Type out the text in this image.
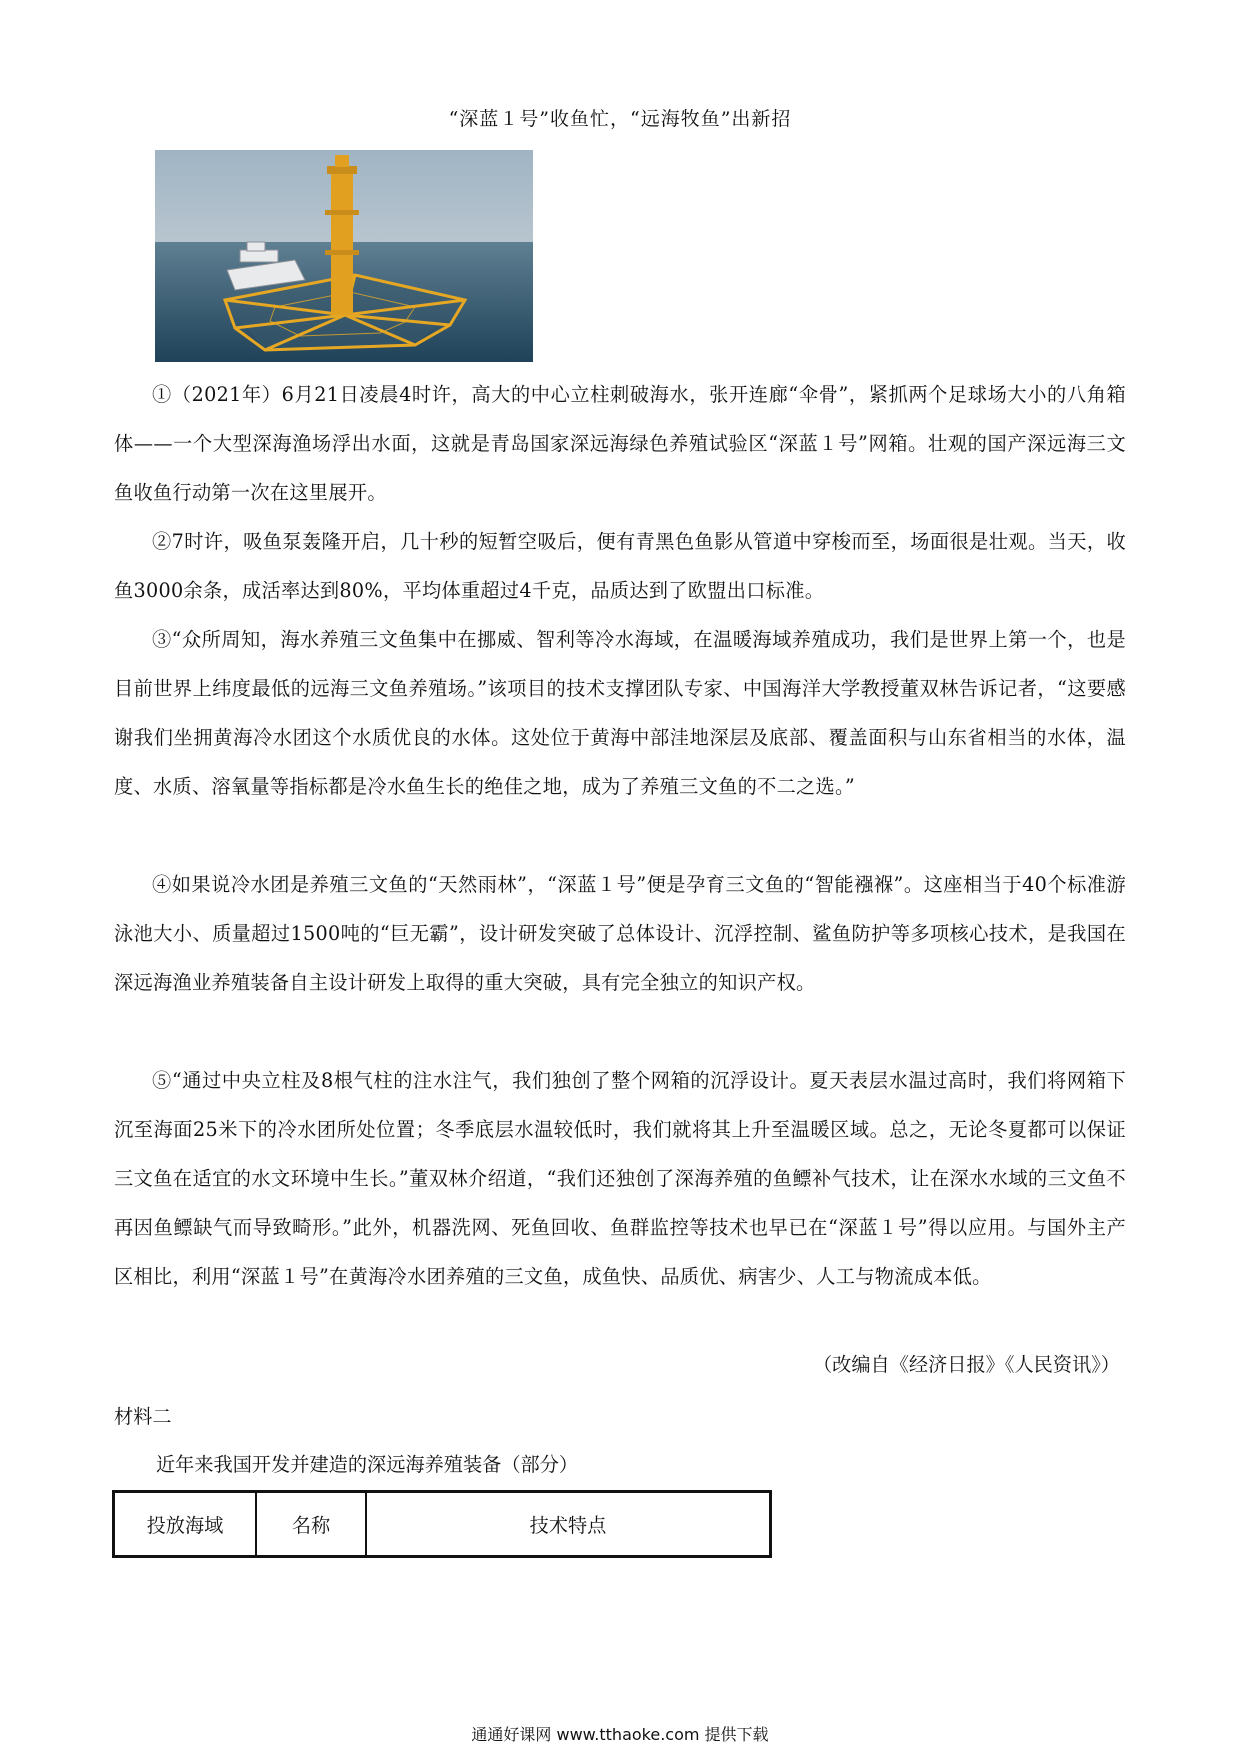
“深蓝１号”收鱼忙，“远海牧鱼”出新招

①（2021年）6月21日凌晨4时许，高大的中心立柱刺破海水，张开连廊“伞骨”，紧抓两个足球场大小的八角箱体——一个大型深海渔场浮出水面，这就是青岛国家深远海绿色养殖试验区“深蓝１号”网箱。壮观的国产深远海三文鱼收鱼行动第一次在这里展开。

②7时许，吸鱼泵轰隆开启，几十秒的短暂空吸后，便有青黑色鱼影从管道中穿梭而至，场面很是壮观。当天，收鱼3000余条，成活率达到80%，平均体重超过4千克，品质达到了欧盟出口标准。

③“众所周知，海水养殖三文鱼集中在挪威、智利等冷水海域，在温暖海域养殖成功，我们是世界上第一个，也是目前世界上纬度最低的远海三文鱼养殖场。”该项目的技术支撑团队专家、中国海洋大学教授董双林告诉记者，“这要感谢我们坐拥黄海冷水团这个水质优良的水体。这处位于黄海中部洼地深层及底部、覆盖面积与山东省相当的水体，温度、水质、溶氧量等指标都是冷水鱼生长的绝佳之地，成为了养殖三文鱼的不二之选。”

④如果说冷水团是养殖三文鱼的“天然雨林”，“深蓝１号”便是孕育三文鱼的“智能襁褓”。这座相当于40个标准游泳池大小、质量超过1500吨的“巨无霸”，设计研发突破了总体设计、沉浮控制、鲨鱼防护等多项核心技术，是我国在深远海渔业养殖装备自主设计研发上取得的重大突破，具有完全独立的知识产权。

⑤“通过中央立柱及8根气柱的注水注气，我们独创了整个网箱的沉浮设计。夏天表层水温过高时，我们将网箱下沉至海面25米下的冷水团所处位置；冬季底层水温较低时，我们就将其上升至温暖区域。总之，无论冬夏都可以保证三文鱼在适宜的水文环境中生长。”董双林介绍道，“我们还独创了深海养殖的鱼鳔补气技术，让在深水水域的三文鱼不再因鱼鳔缺气而导致畸形。”此外，机器洗网、死鱼回收、鱼群监控等技术也早已在“深蓝１号”得以应用。与国外主产区相比，利用“深蓝１号”在黄海冷水团养殖的三文鱼，成鱼快、品质优、病害少、人工与物流成本低。

（改编自《经济日报》《人民资讯》）
材料二
近年来我国开发并建造的深远海养殖装备（部分）
投放海域	名称	技术特点
通通好课网 www.tthaoke.com 提供下载
